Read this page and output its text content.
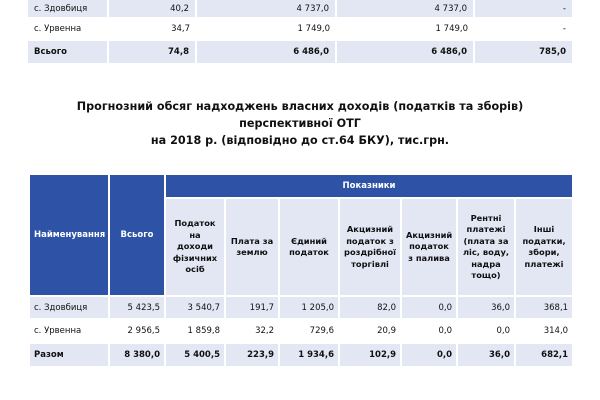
с. Здовбиця	40,2	4 737,0	4 737,0	-
с. Урвенна	34,7	1 749,0	1 749,0	-
Всього	74,8	6 486,0	6 486,0	785,0
Прогнозний обсяг надходжень власних доходів (податків та зборів)
перспективної ОТГ
на 2018 р. (відповідно до ст.64 БКУ), тис.грн.
Найменування	Всього	Показники						
		Податок на доходи фізичних осіб	Плата за землю	Єдиний податок	Акцизний податок з роздрібної торгівлі	Акцизний податок з палива	Рентні платежі (плата за ліс, воду, надра тощо)	Інші податки, збори, платежі
с. Здовбиця	5 423,5	3 540,7	191,7	1 205,0	82,0	0,0	36,0	368,1
с. Урвенна	2 956,5	1 859,8	32,2	729,6	20,9	0,0	0,0	314,0
Разом	8 380,0	5 400,5	223,9	1 934,6	102,9	0,0	36,0	682,1
